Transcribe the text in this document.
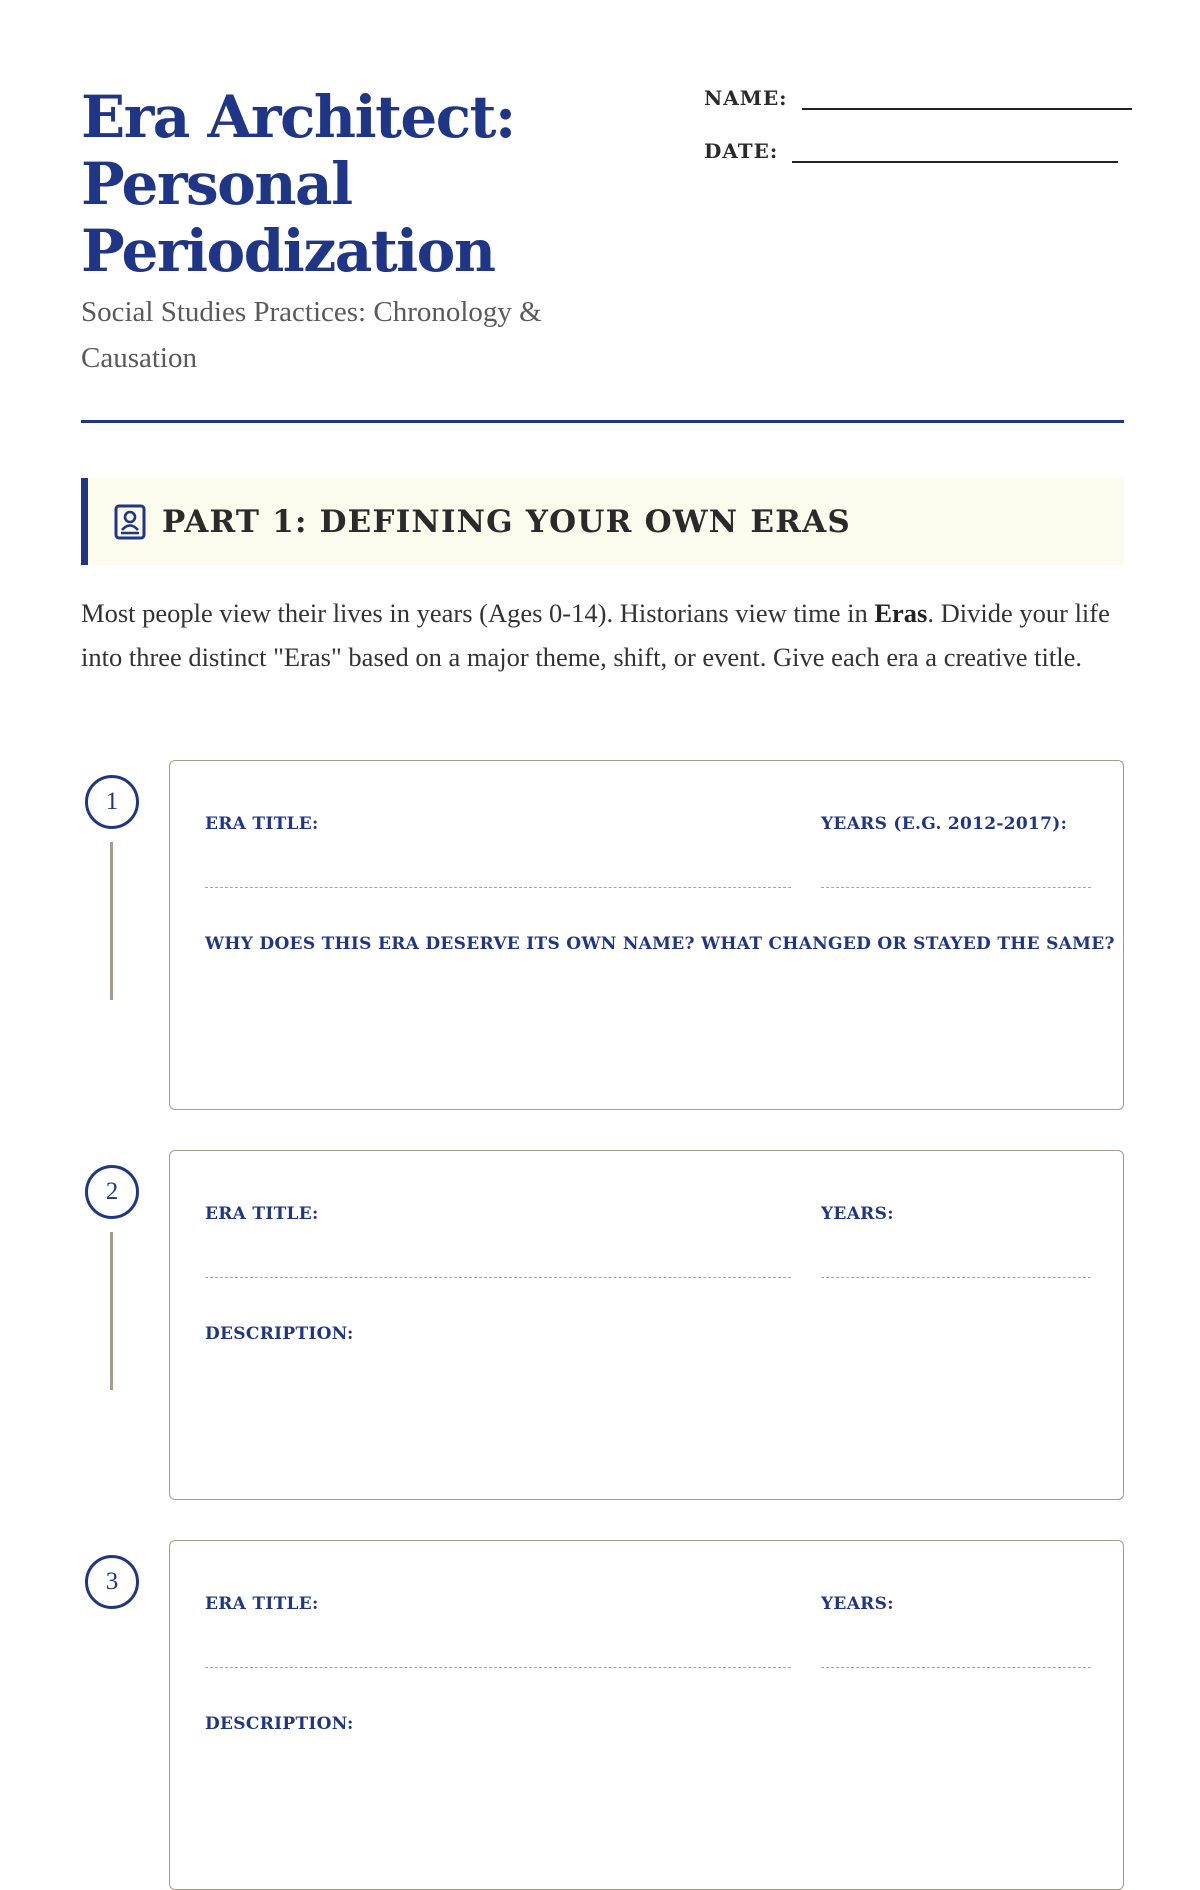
Era Architect:
Personal
Periodization
Social Studies Practices: Chronology & Causation
NAME:
DATE:
PART 1: DEFINING YOUR OWN ERAS

Most people view their lives in years (Ages 0-14). Historians view time in Eras. Divide your life into three distinct "Eras" based on a major theme, shift, or event. Give each era a creative title.

1
ERA TITLE:	YEARS (E.G. 2012-2017):
WHY DOES THIS ERA DESERVE ITS OWN NAME? WHAT CHANGED OR STAYED THE SAME?
2
ERA TITLE:	YEARS:
DESCRIPTION:
3
ERA TITLE:	YEARS:
DESCRIPTION:
